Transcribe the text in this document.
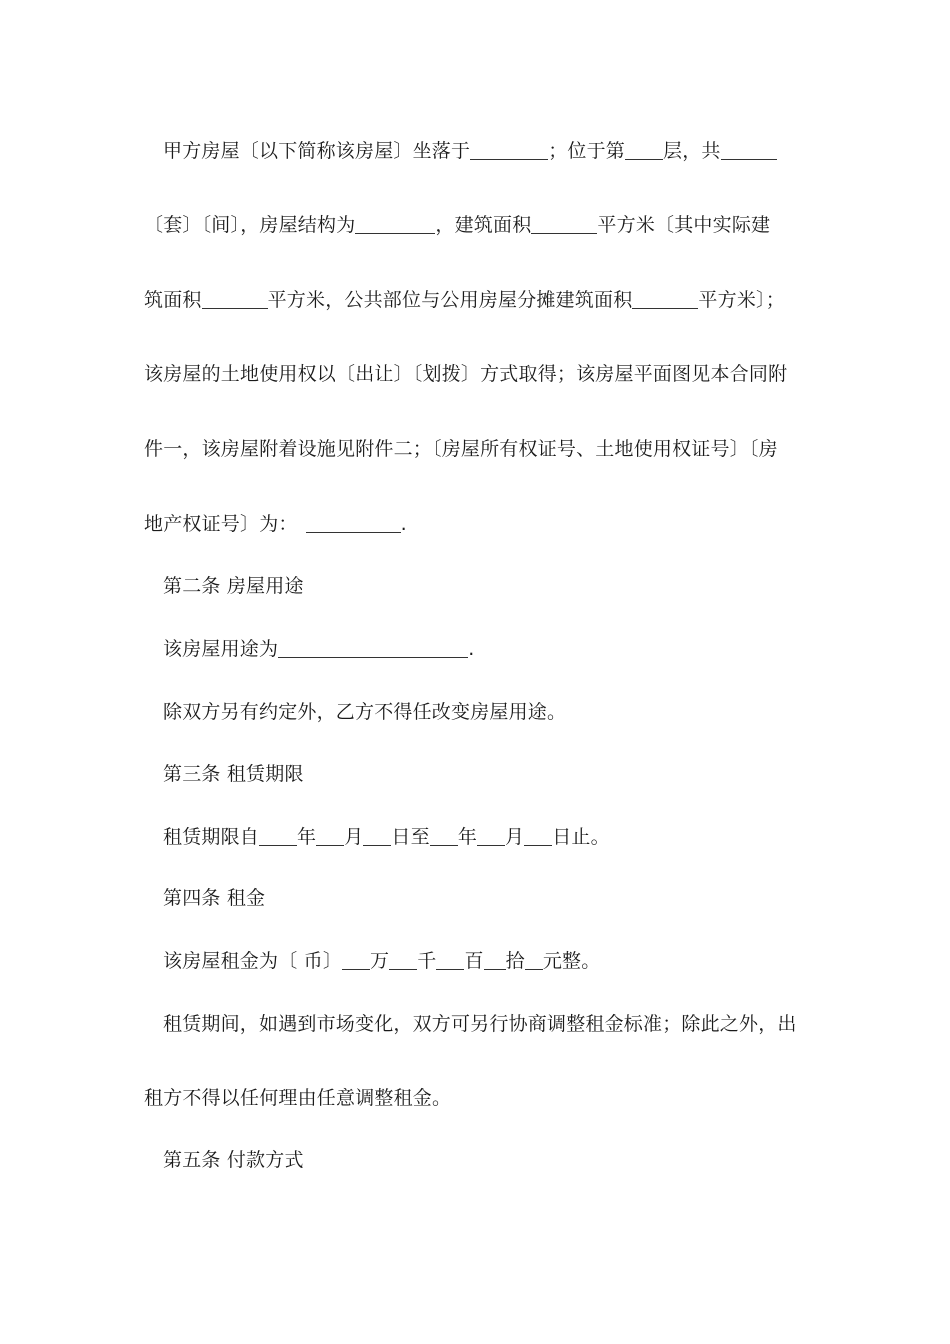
甲方房屋〔以下简称该房屋〕坐落于	；位于第 层，共
〔套〕〔间〕，房屋结构为	，建筑面积	平方米〔其中实际建
筑面积	平方米，公共部位与公用房屋分摊建筑面积	平方米〕；
该房屋的土地使用权以〔出让〕〔划拨〕方式取得；该房屋平面图见本合同附
件一，该房屋附着设施见附件二；〔房屋所有权证号、土地使用权证号〕〔房
地产权证号〕为：	.
第二条 房屋用途
该房屋用途为	.
除双方另有约定外，乙方不得任改变房屋用途。
第三条 租赁期限
租赁期限自 年 月 日至 年 月 日止。
第四条 租金
该房屋租金为〔 币〕 万 千 百 拾 元整。
租赁期间，如遇到市场变化，双方可另行协商调整租金标准；除此之外，出
租方不得以任何理由任意调整租金。
第五条 付款方式
